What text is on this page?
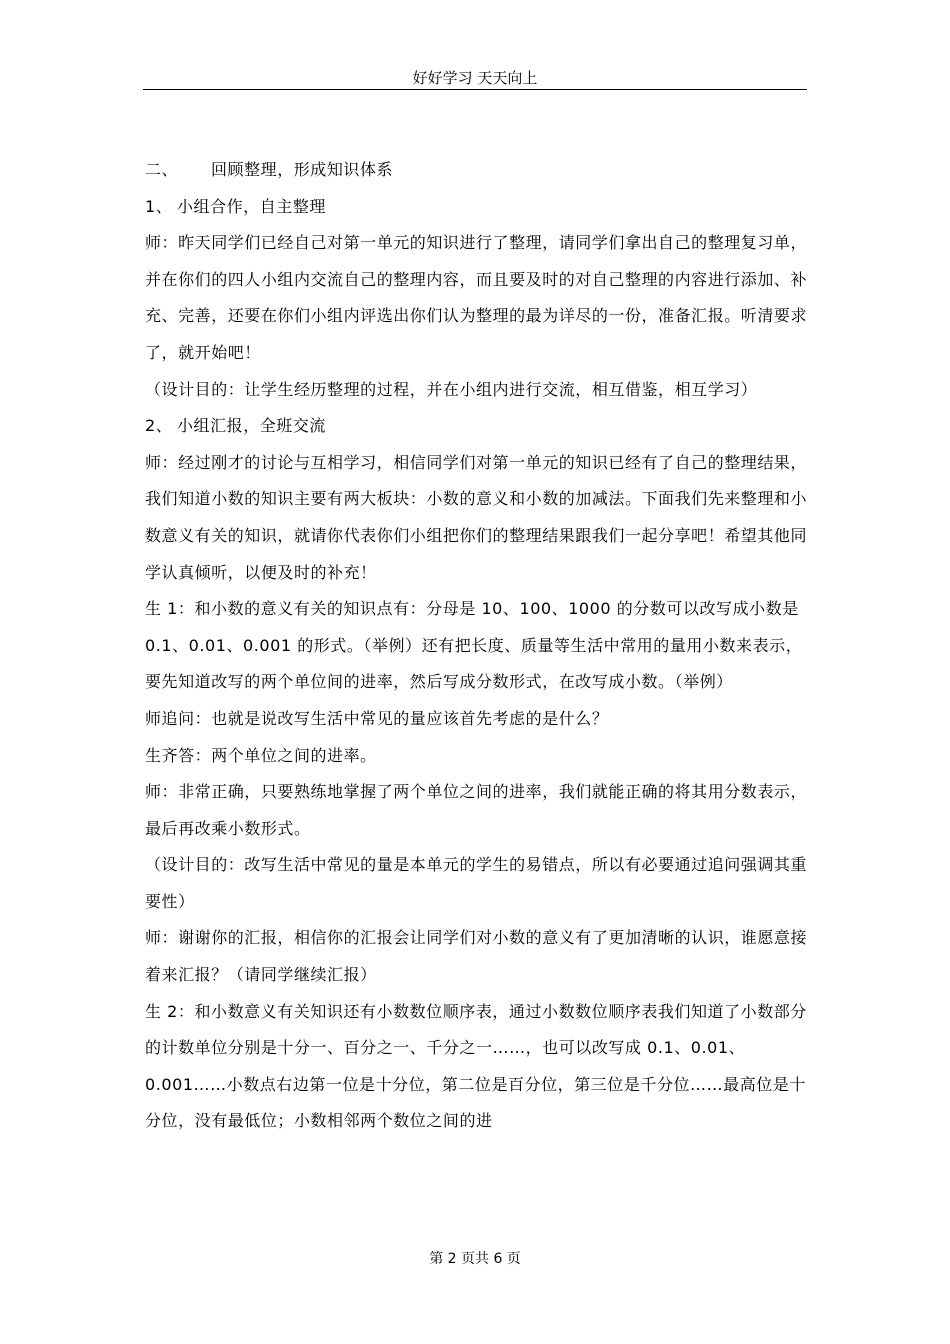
好好学习 天天向上

二、 回顾整理，形成知识体系

1、 小组合作，自主整理

师：昨天同学们已经自己对第一单元的知识进行了整理，请同学们拿出自己的整理复习单，并在你们的四人小组内交流自己的整理内容，而且要及时的对自己整理的内容进行添加、补充、完善，还要在你们小组内评选出你们认为整理的最为详尽的一份，准备汇报。听清要求了，就开始吧！

（设计目的：让学生经历整理的过程，并在小组内进行交流，相互借鉴，相互学习）

2、 小组汇报，全班交流

师：经过刚才的讨论与互相学习，相信同学们对第一单元的知识已经有了自己的整理结果，我们知道小数的知识主要有两大板块：小数的意义和小数的加减法。下面我们先来整理和小数意义有关的知识，就请你代表你们小组把你们的整理结果跟我们一起分享吧！希望其他同学认真倾听，以便及时的补充！

生 1：和小数的意义有关的知识点有：分母是 10、100、1000 的分数可以改写成小数是 0.1、0.01、0.001 的形式。（举例）还有把长度、质量等生活中常用的量用小数来表示，要先知道改写的两个单位间的进率，然后写成分数形式，在改写成小数。（举例）

师追问：也就是说改写生活中常见的量应该首先考虑的是什么？

生齐答：两个单位之间的进率。

师：非常正确，只要熟练地掌握了两个单位之间的进率，我们就能正确的将其用分数表示，最后再改乘小数形式。

（设计目的：改写生活中常见的量是本单元的学生的易错点，所以有必要通过追问强调其重要性）

师：谢谢你的汇报，相信你的汇报会让同学们对小数的意义有了更加清晰的认识，谁愿意接着来汇报？（请同学继续汇报）

生 2：和小数意义有关知识还有小数数位顺序表，通过小数数位顺序表我们知道了小数部分的计数单位分别是十分一、百分之一、千分之一……，也可以改写成 0.1、0.01、0.001……小数点右边第一位是十分位，第二位是百分位，第三位是千分位……最高位是十分位，没有最低位；小数相邻两个数位之间的进

第 2 页共 6 页
